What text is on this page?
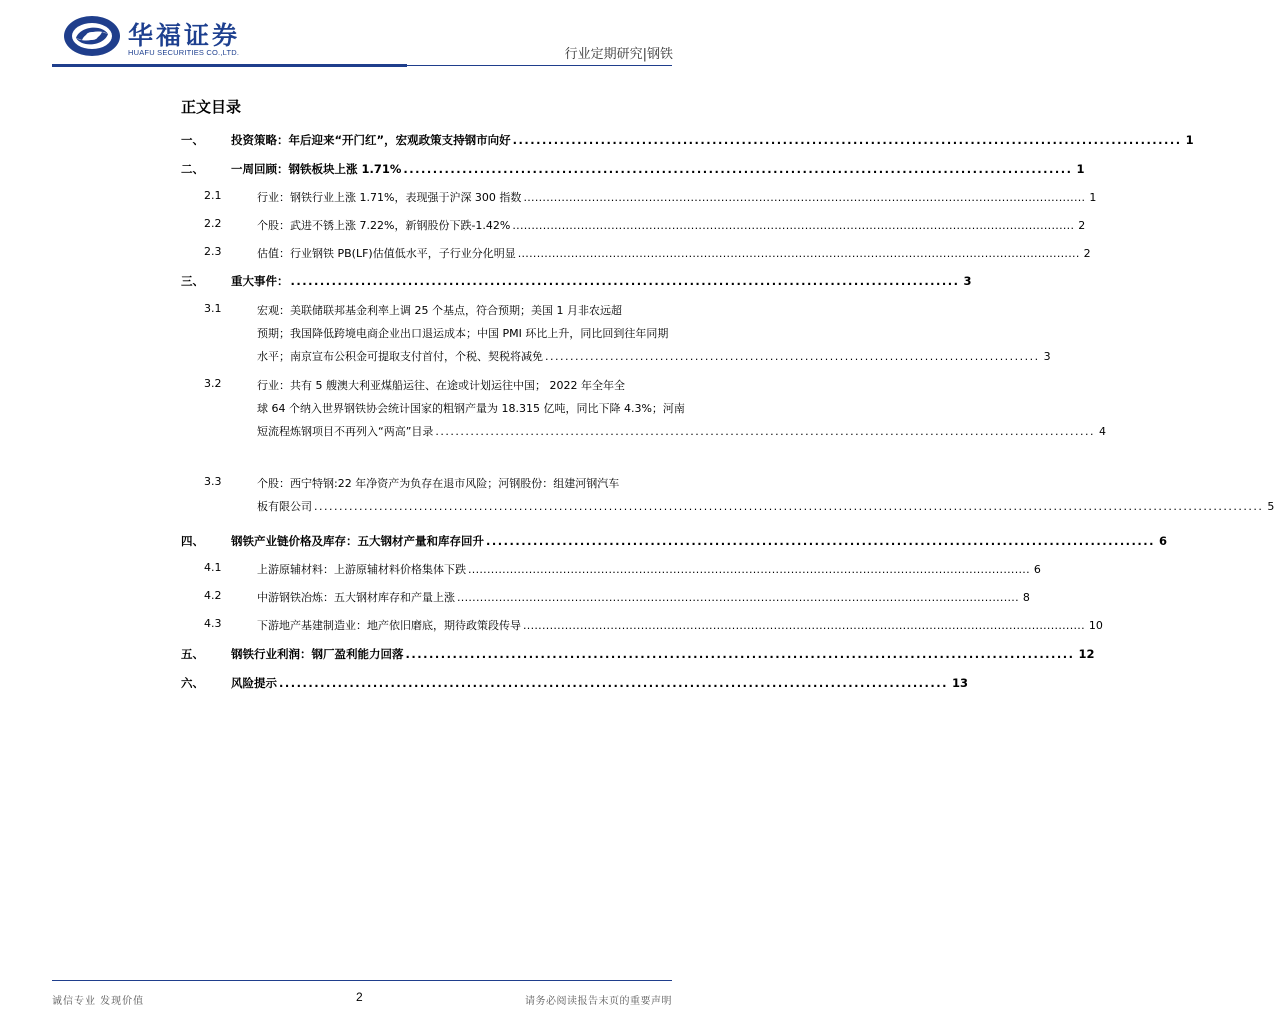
华福证券
HUAFU SECURITIES CO.,LTD.	行业定期研究|钢铁
正文目录
一、 投资策略：年后迎来“开门红”，宏观政策支持钢市向好 .................................................................................................................. 1
二、 一周回顾：钢铁板块上涨 1.71% .................................................................................................................. 1
2.1	行业：钢铁行业上涨 1.71%，表现强于沪深 300 指数 .................................................................................................................................................... 1
2.2	个股：武进不锈上涨 7.22%，新钢股份下跌-1.42% .................................................................................................................................................... 2
2.3	估值：行业钢铁 PB(LF)估值低水平，子行业分化明显 .................................................................................................................................................... 2
三、 重大事件： .................................................................................................................. 3
3.1	宏观：美联储联邦基金利率上调 25 个基点，符合预期；美国 1 月非农远超
预期；我国降低跨境电商企业出口退运成本；中国 PMI 环比上升，同比回到往年同期
水平；南京宣布公积金可提取支付首付，个税、契税将减免 ................................................................................................... 3
3.2	行业：共有 5 艘澳大利亚煤船运往、在途或计划运往中国； 2022 年全年全
球 64 个纳入世界钢铁协会统计国家的粗钢产量为 18.315 亿吨，同比下降 4.3%；河南
短流程炼钢项目不再列入“两高”目录 .................................................................................................................................... 4
3.3	个股：西宁特钢:22 年净资产为负存在退市风险；河钢股份：组建河钢汽车
板有限公司 .............................................................................................................................................................................................. 5
四、 钢铁产业链价格及库存：五大钢材产量和库存回升 .................................................................................................................. 6
4.1	上游原辅材料：上游原辅材料价格集体下跌 .................................................................................................................................................... 6
4.2	中游钢铁冶炼：五大钢材库存和产量上涨 .................................................................................................................................................... 8
4.3	下游地产基建制造业：地产依旧磨底，期待政策段传导 .................................................................................................................................................... 10
五、 钢铁行业利润：钢厂盈利能力回落 .................................................................................................................. 12
六、 风险提示 .................................................................................................................. 13
诚信专业 发现价值	2	请务必阅读报告末页的重要声明
